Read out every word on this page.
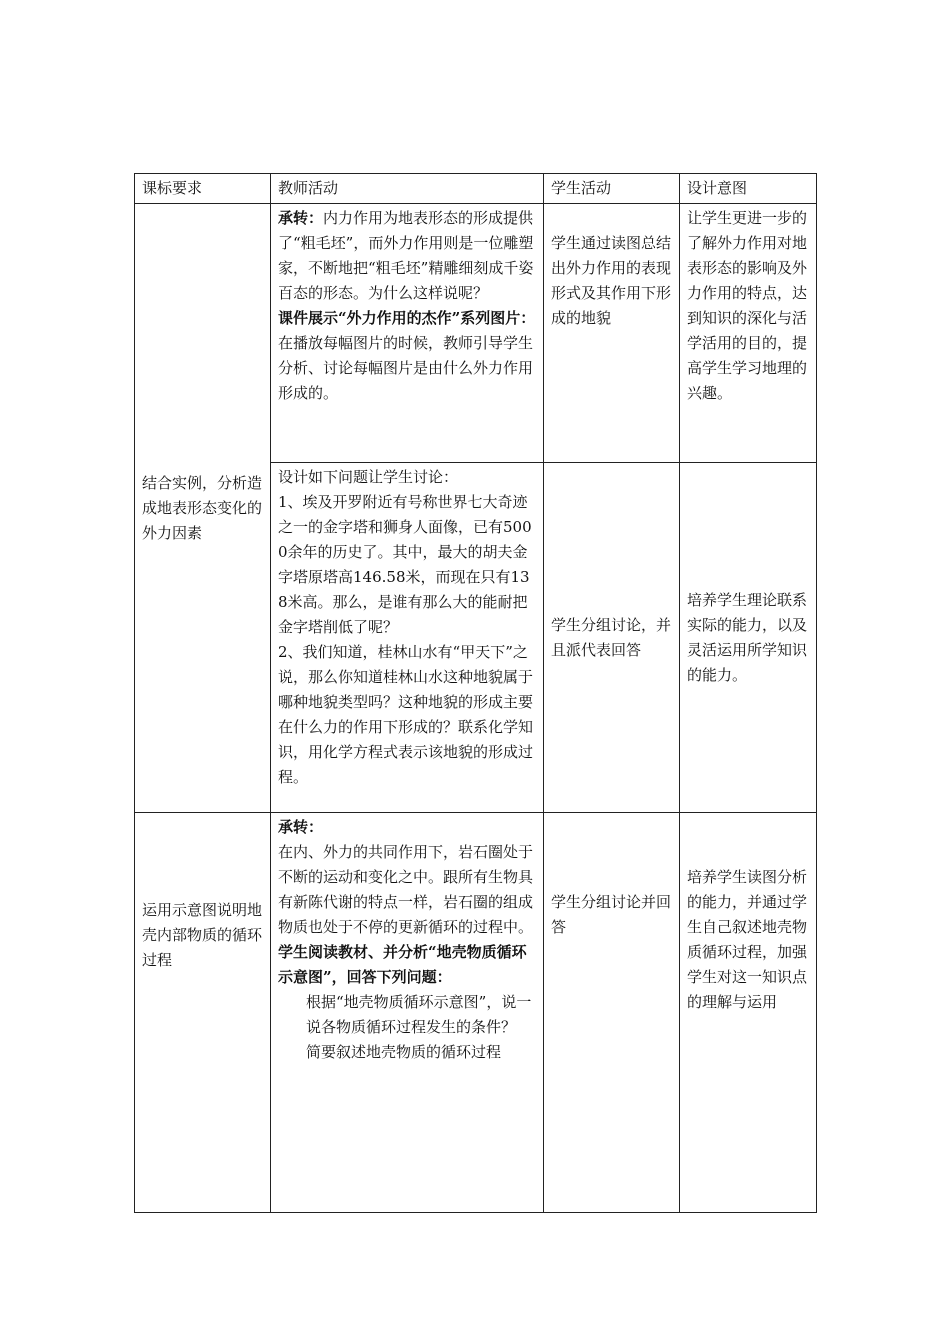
课标要求	教师活动	学生活动	设计意图
结合实例，分析造成地表形态变化的外力因素	承转：内力作用为地表形态的形成提供了“粗毛坯”，而外力作用则是一位雕塑家，不断地把“粗毛坯”精雕细刻成千姿百态的形态。为什么这样说呢？

课件展示“外力作用的杰作”系列图片：

在播放每幅图片的时候，教师引导学生分析、讨论每幅图片是由什么外力作用形成的。	学生通过读图总结出外力作用的表现形式及其作用下形成的地貌	让学生更进一步的了解外力作用对地表形态的影响及外力作用的特点，达到知识的深化与活学活用的目的，提高学生学习地理的兴趣。

	设计如下问题让学生讨论：

1、埃及开罗附近有号称世界七大奇迹之一的金字塔和狮身人面像，已有5000余年的历史了。其中，最大的胡夫金字塔原塔高146.58米，而现在只有138米高。那么，是谁有那么大的能耐把金字塔削低了呢？

2、我们知道，桂林山水有“甲天下”之说，那么你知道桂林山水这种地貌属于哪种地貌类型吗？这种地貌的形成主要在什么力的作用下形成的？联系化学知识，用化学方程式表示该地貌的形成过程。	学生分组讨论，并且派代表回答	培养学生理论联系实际的能力，以及灵活运用所学知识的能力。
运用示意图说明地壳内部物质的循环过程	承转：

在内、外力的共同作用下，岩石圈处于不断的运动和变化之中。跟所有生物具有新陈代谢的特点一样，岩石圈的组成物质也处于不停的更新循环的过程中。

学生阅读教材、并分析“地壳物质循环示意图”，回答下列问题：

根据“地壳物质循环示意图”，说一说各物质循环过程发生的条件？

简要叙述地壳物质的循环过程	学生分组讨论并回答	培养学生读图分析的能力，并通过学生自己叙述地壳物质循环过程，加强学生对这一知识点的理解与运用
